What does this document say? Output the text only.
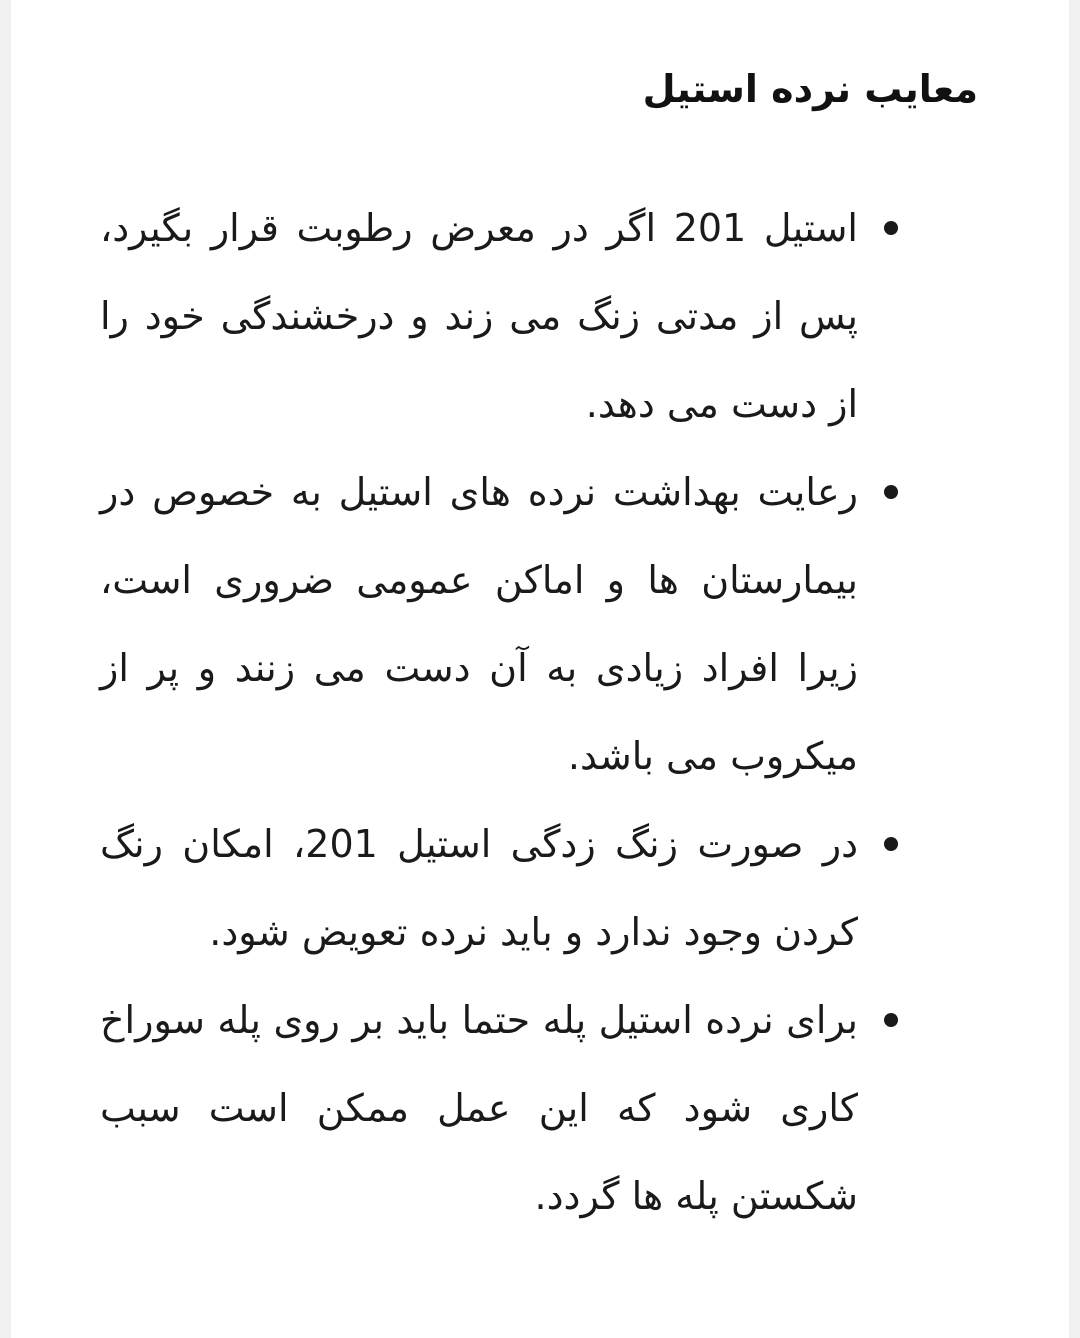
معایب نرده استیل
استیل 201 اگر در معرض رطوبت قرار بگیرد، پس از مدتی زنگ می زند و درخشندگی خود را از دست می دهد.
رعایت بهداشت نرده های استیل به خصوص در بیمارستان ها و اماکن عمومی ضروری است، زیرا افراد زیادی به آن دست می زنند و پر از میکروب می باشد.
در صورت زنگ زدگی استیل 201، امکان رنگ کردن وجود ندارد و باید نرده تعویض شود.
برای نرده استیل پله حتما باید بر روی پله سوراخ کاری شود که این عمل ممکن است سبب شکستن پله ها گردد.
